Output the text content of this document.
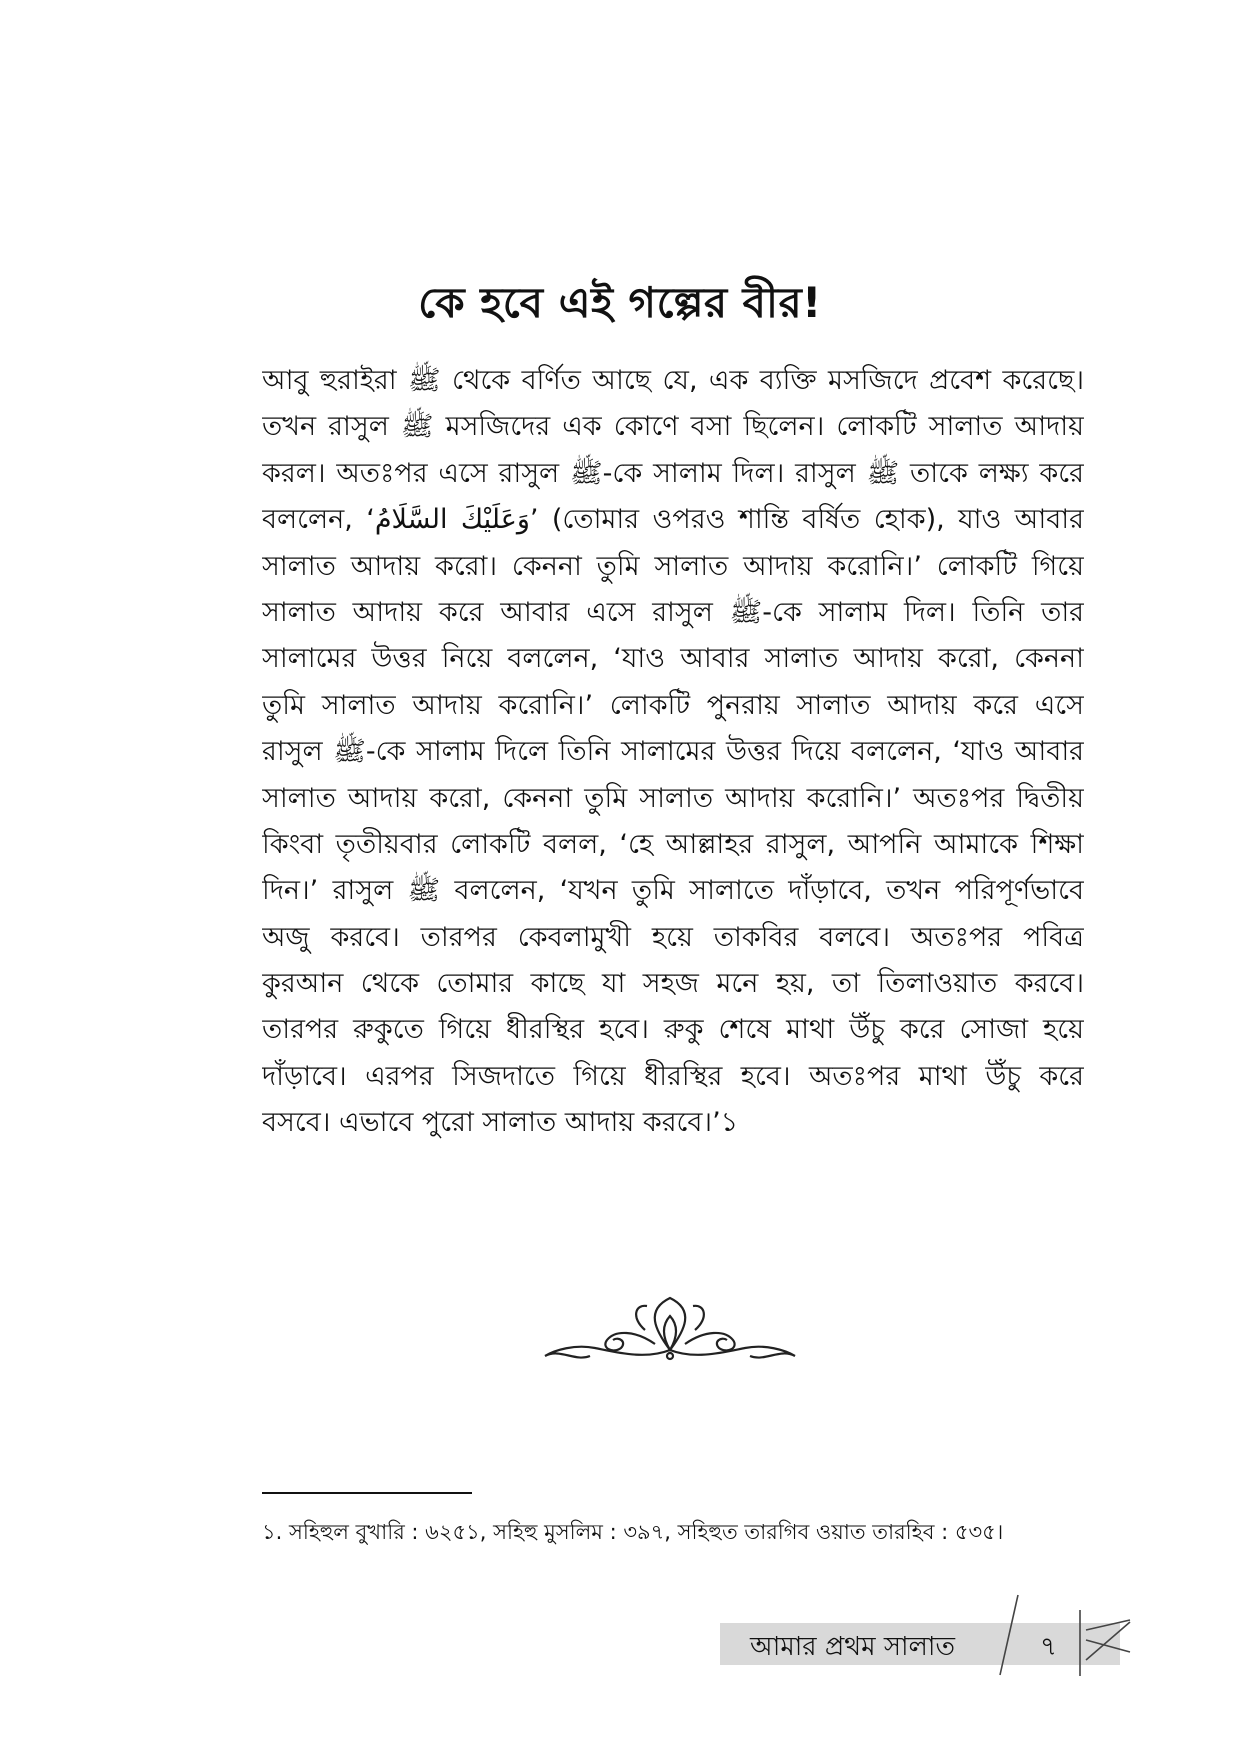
কে হবে এই গল্পের বীর!
আবু হুরাইরা ﷺ থেকে বর্ণিত আছে যে, এক ব্যক্তি মসজিদে প্রবেশ করেছে।
তখন রাসুল ﷺ মসজিদের এক কোণে বসা ছিলেন। লোকটি সালাত আদায়
করল। অতঃপর এসে রাসুল ﷺ-কে সালাম দিল। রাসুল ﷺ তাকে লক্ষ্য করে
বললেন, ‘وَعَلَيْكَ السَّلَامُ’ (তোমার ওপরও শান্তি বর্ষিত হোক), যাও আবার
সালাত আদায় করো। কেননা তুমি সালাত আদায় করোনি।’ লোকটি গিয়ে
সালাত আদায় করে আবার এসে রাসুল ﷺ-কে সালাম দিল। তিনি তার
সালামের উত্তর নিয়ে বললেন, ‘যাও আবার সালাত আদায় করো, কেননা
তুমি সালাত আদায় করোনি।’ লোকটি পুনরায় সালাত আদায় করে এসে
রাসুল ﷺ-কে সালাম দিলে তিনি সালামের উত্তর দিয়ে বললেন, ‘যাও আবার
সালাত আদায় করো, কেননা তুমি সালাত আদায় করোনি।’ অতঃপর দ্বিতীয়
কিংবা তৃতীয়বার লোকটি বলল, ‘হে আল্লাহর রাসুল, আপনি আমাকে শিক্ষা
দিন।’ রাসুল ﷺ বললেন, ‘যখন তুমি সালাতে দাঁড়াবে, তখন পরিপূর্ণভাবে
অজু করবে। তারপর কেবলামুখী হয়ে তাকবির বলবে। অতঃপর পবিত্র
কুরআন থেকে তোমার কাছে যা সহজ মনে হয়, তা তিলাওয়াত করবে।
তারপর রুকুতে গিয়ে ধীরস্থির হবে। রুকু শেষে মাথা উঁচু করে সোজা হয়ে
দাঁড়াবে। এরপর সিজদাতে গিয়ে ধীরস্থির হবে। অতঃপর মাথা উঁচু করে
বসবে। এভাবে পুরো সালাত আদায় করবে।’১
১. সহিহুল বুখারি : ৬২৫১, সহিহু মুসলিম : ৩৯৭, সহিহুত তারগিব ওয়াত তারহিব : ৫৩৫।
আমার প্রথম সালাত	৭
